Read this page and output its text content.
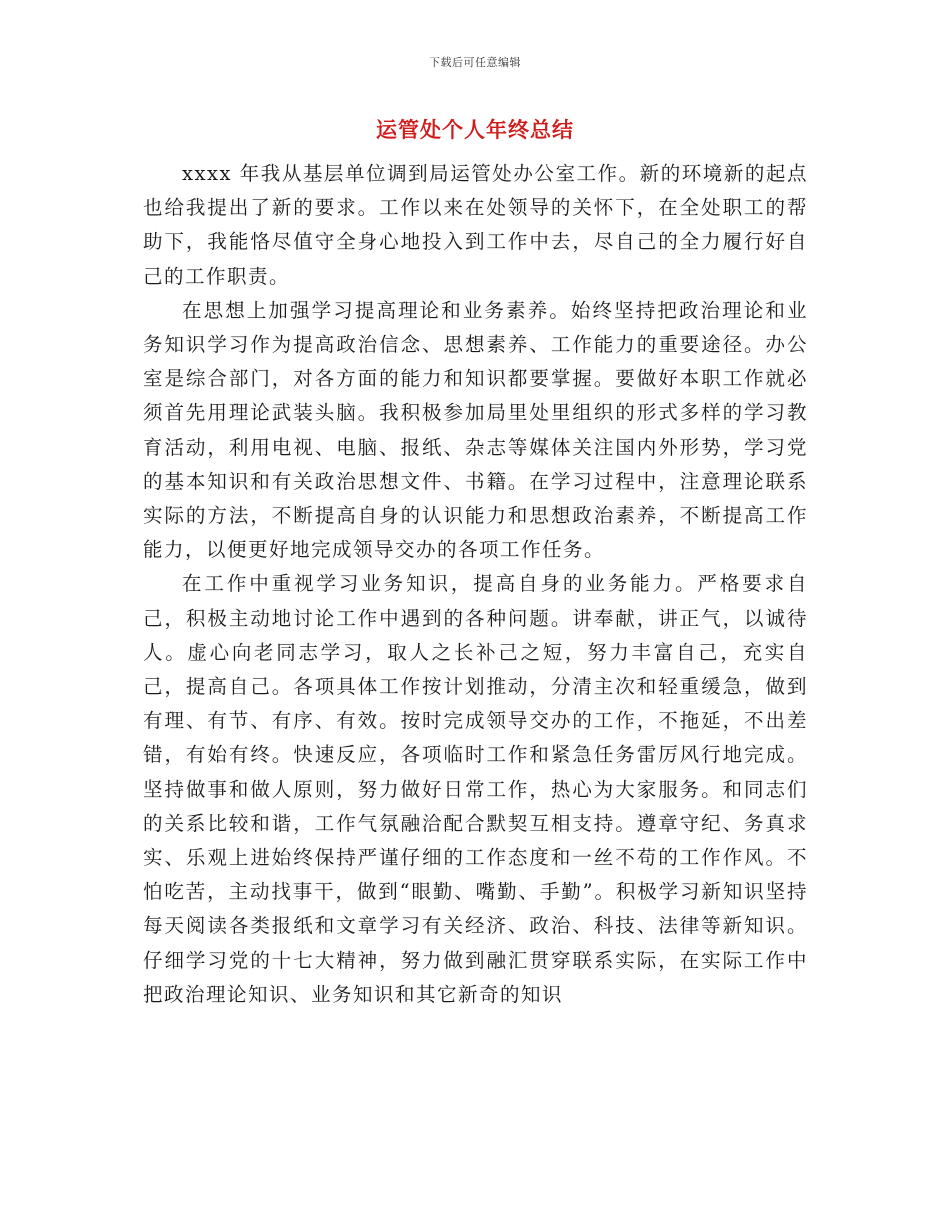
下载后可任意编辑
运管处个人年终总结

xxxx 年我从基层单位调到局运管处办公室工作。新的环境新的起点也给我提出了新的要求。工作以来在处领导的关怀下，在全处职工的帮助下，我能恪尽值守全身心地投入到工作中去，尽自己的全力履行好自己的工作职责。

在思想上加强学习提高理论和业务素养。始终坚持把政治理论和业务知识学习作为提高政治信念、思想素养、工作能力的重要途径。办公室是综合部门，对各方面的能力和知识都要掌握。要做好本职工作就必须首先用理论武装头脑。我积极参加局里处里组织的形式多样的学习教育活动，利用电视、电脑、报纸、杂志等媒体关注国内外形势，学习党的基本知识和有关政治思想文件、书籍。在学习过程中，注意理论联系实际的方法，不断提高自身的认识能力和思想政治素养，不断提高工作能力，以便更好地完成领导交办的各项工作任务。

在工作中重视学习业务知识，提高自身的业务能力。严格要求自己，积极主动地讨论工作中遇到的各种问题。讲奉献，讲正气，以诚待人。虚心向老同志学习，取人之长补己之短，努力丰富自己，充实自己，提高自己。各项具体工作按计划推动，分清主次和轻重缓急，做到有理、有节、有序、有效。按时完成领导交办的工作，不拖延，不出差错，有始有终。快速反应，各项临时工作和紧急任务雷厉风行地完成。坚持做事和做人原则，努力做好日常工作，热心为大家服务。和同志们的关系比较和谐，工作气氛融洽配合默契互相支持。遵章守纪、务真求实、乐观上进始终保持严谨仔细的工作态度和一丝不苟的工作作风。不怕吃苦，主动找事干，做到“眼勤、嘴勤、手勤”。积极学习新知识坚持每天阅读各类报纸和文章学习有关经济、政治、科技、法律等新知识。仔细学习党的十七大精神，努力做到融汇贯穿联系实际，在实际工作中把政治理论知识、业务知识和其它新奇的知识
